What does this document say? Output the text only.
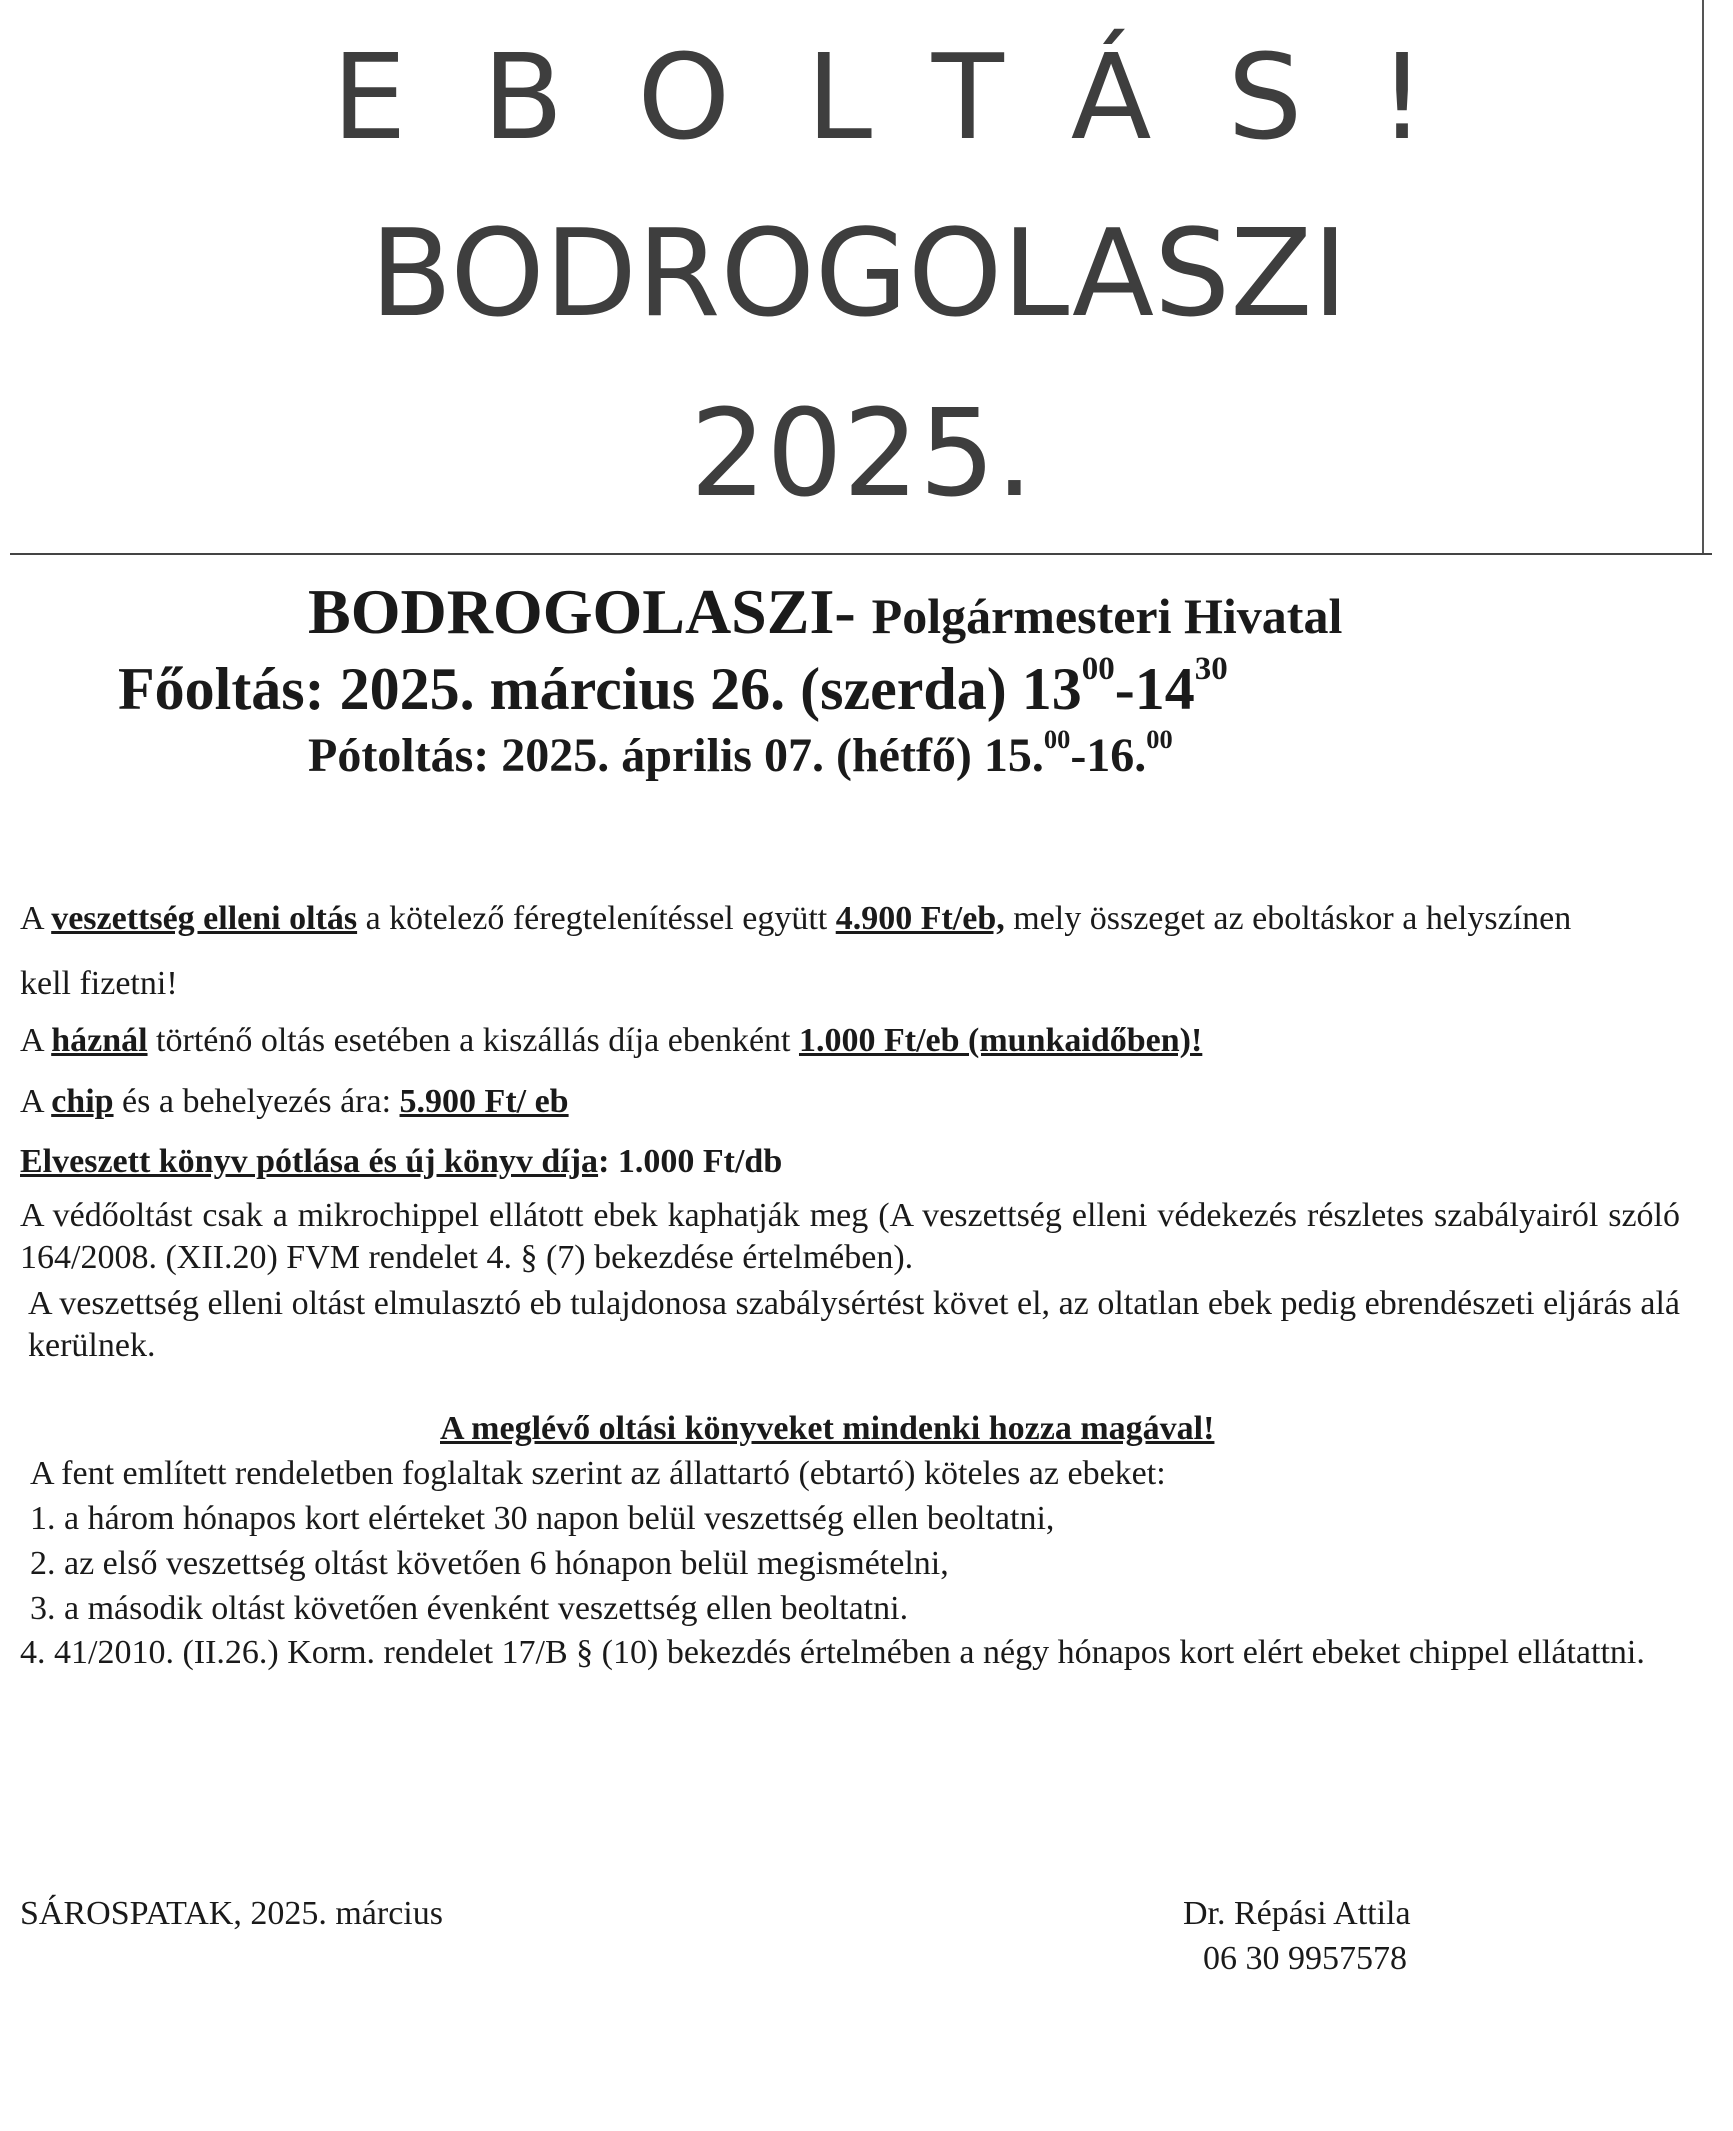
EBOLTÁS!
BODROGOLASZI
2025.
BODROGOLASZI- Polgármesteri Hivatal
Főoltás: 2025. március 26. (szerda) $13^{00}-14^{30}$
Pótoltás: 2025. április 07. (hétfő) 15.00-16.00
A veszettség elleni oltás a kötelező féregtelenítéssel együtt 4.900 Ft/eb, mely összeget az eboltáskor a helyszínen
kell fizetni!
A háznál történő oltás esetében a kiszállás díja ebenként 1.000 Ft/eb (munkaidőben)!
A chip és a behelyezés ára: 5.900 Ft/ eb
Elveszett könyv pótlása és új könyv díja: 1.000 Ft/db
A védőoltást csak a mikrochippel ellátott ebek kaphatják meg (A veszettség elleni védekezés részletes szabályairól szóló 164/2008. (XII.20) FVM rendelet 4. § (7) bekezdése értelmében).
A veszettség elleni oltást elmulasztó eb tulajdonosa szabálysértést követ el, az oltatlan ebek pedig ebrendészeti eljárás alá kerülnek.
A meglévő oltási könyveket mindenki hozza magával!
A fent említett rendeletben foglaltak szerint az állattartó (ebtartó) köteles az ebeket:
1. a három hónapos kort elérteket 30 napon belül veszettség ellen beoltatni,
2. az első veszettség oltást követően 6 hónapon belül megismételni,
3. a második oltást követően évenként veszettség ellen beoltatni.
4. 41/2010. (II.26.) Korm. rendelet 17/B § (10) bekezdés értelmében a négy hónapos kort elért ebeket chippel ellátattni.
SÁROSPATAK, 2025. március	Dr. Répási Attila
06 30 9957578
